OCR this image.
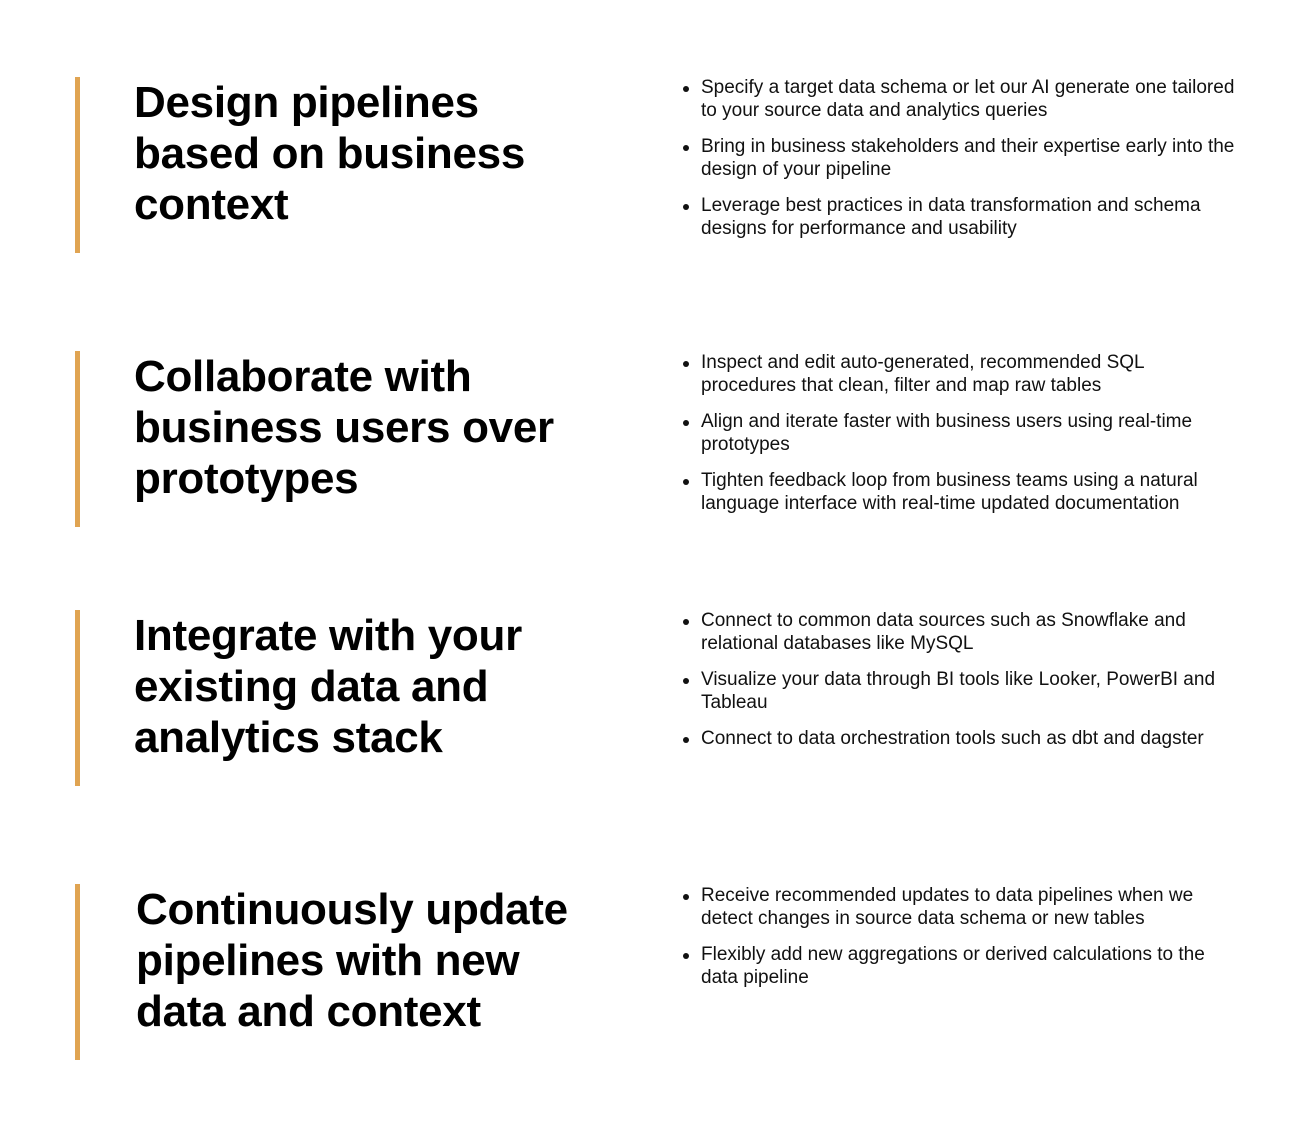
Design pipelines based on business context
Specify a target data schema or let our AI generate one tailored to your source data and analytics queries
Bring in business stakeholders and their expertise early into the design of your pipeline
Leverage best practices in data transformation and schema designs for performance and usability
Collaborate with business users over prototypes
Inspect and edit auto-generated, recommended SQL procedures that clean, filter and map raw tables
Align and iterate faster with business users using real-time prototypes
Tighten feedback loop from business teams using a natural language interface with real-time updated documentation
Integrate with your existing data and analytics stack
Connect to common data sources such as Snowflake and relational databases like MySQL
Visualize your data through BI tools like Looker, PowerBI and Tableau
Connect to data orchestration tools such as dbt and dagster
Continuously update pipelines with new data and context
Receive recommended updates to data pipelines when we detect changes in source data schema or new tables
Flexibly add new aggregations or derived calculations to the data pipeline
